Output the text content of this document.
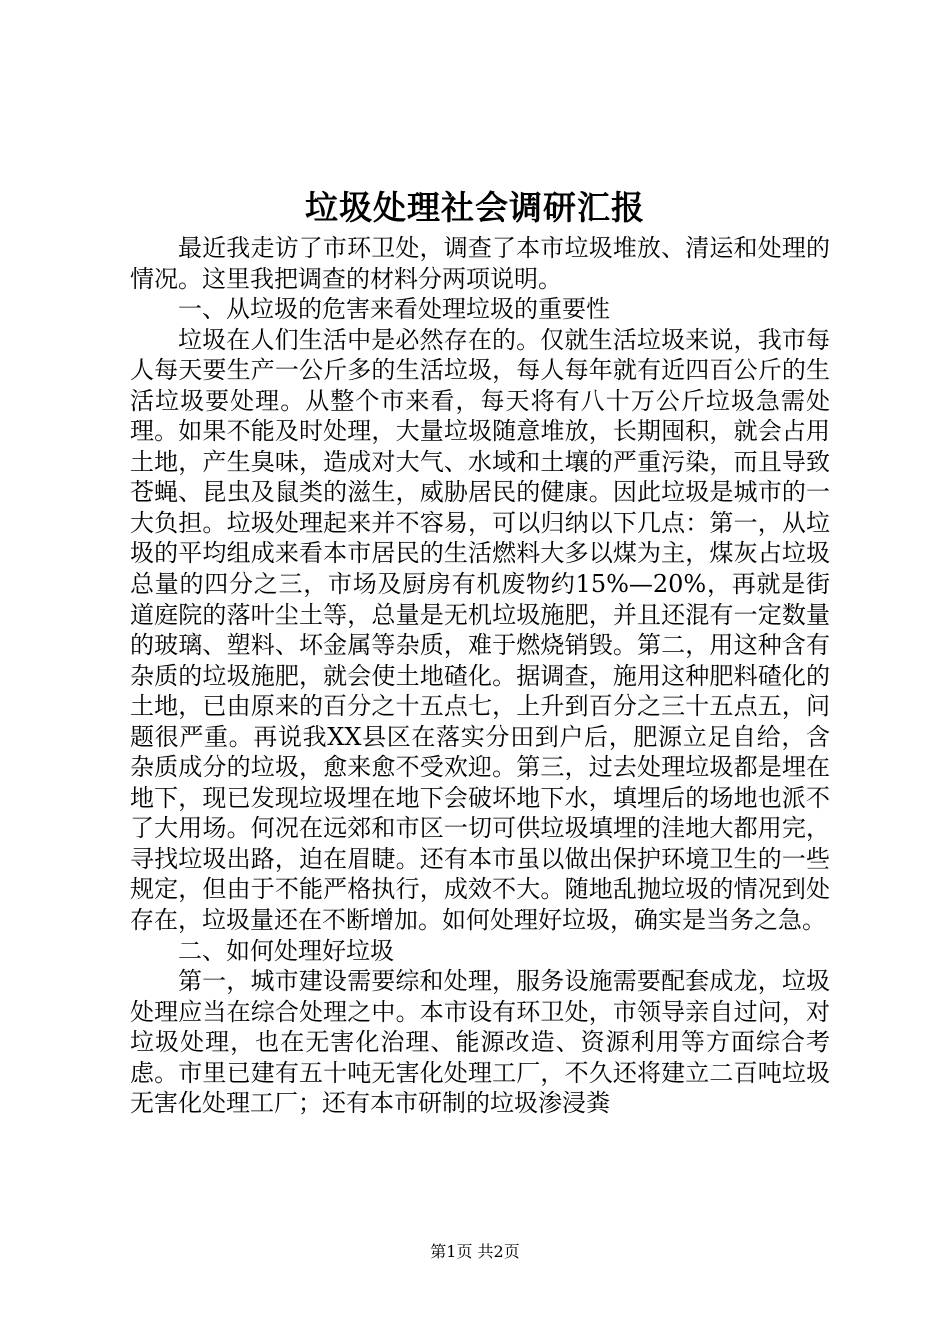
垃圾处理社会调研汇报

最近我走访了市环卫处，调查了本市垃圾堆放、清运和处理的情况。这里我把调查的材料分两项说明。

一、从垃圾的危害来看处理垃圾的重要性

垃圾在人们生活中是必然存在的。仅就生活垃圾来说，我市每人每天要生产一公斤多的生活垃圾，每人每年就有近四百公斤的生活垃圾要处理。从整个市来看，每天将有八十万公斤垃圾急需处理。如果不能及时处理，大量垃圾随意堆放，长期囤积，就会占用土地，产生臭味，造成对大气、水域和土壤的严重污染，而且导致苍蝇、昆虫及鼠类的滋生，威胁居民的健康。因此垃圾是城市的一大负担。垃圾处理起来并不容易，可以归纳以下几点：第一，从垃圾的平均组成来看本市居民的生活燃料大多以煤为主，煤灰占垃圾总量的四分之三，市场及厨房有机废物约15%—20%，再就是街道庭院的落叶尘土等，总量是无机垃圾施肥，并且还混有一定数量的玻璃、塑料、坏金属等杂质，难于燃烧销毁。第二，用这种含有杂质的垃圾施肥，就会使土地碴化。据调查，施用这种肥料碴化的土地，已由原来的百分之十五点七，上升到百分之三十五点五，问题很严重。再说我XX县区在落实分田到户后，肥源立足自给，含杂质成分的垃圾，愈来愈不受欢迎。第三，过去处理垃圾都是埋在地下，现已发现垃圾埋在地下会破坏地下水，填埋后的场地也派不了大用场。何况在远郊和市区一切可供垃圾填埋的洼地大都用完，寻找垃圾出路，迫在眉睫。还有本市虽以做出保护环境卫生的一些规定，但由于不能严格执行，成效不大。随地乱抛垃圾的情况到处存在，垃圾量还在不断增加。如何处理好垃圾，确实是当务之急。

二、如何处理好垃圾

第一，城市建设需要综和处理，服务设施需要配套成龙，垃圾处理应当在综合处理之中。本市设有环卫处，市领导亲自过问，对垃圾处理，也在无害化治理、能源改造、资源利用等方面综合考虑。市里已建有五十吨无害化处理工厂，不久还将建立二百吨垃圾无害化处理工厂；还有本市研制的垃圾渗浸粪

第1页 共2页
